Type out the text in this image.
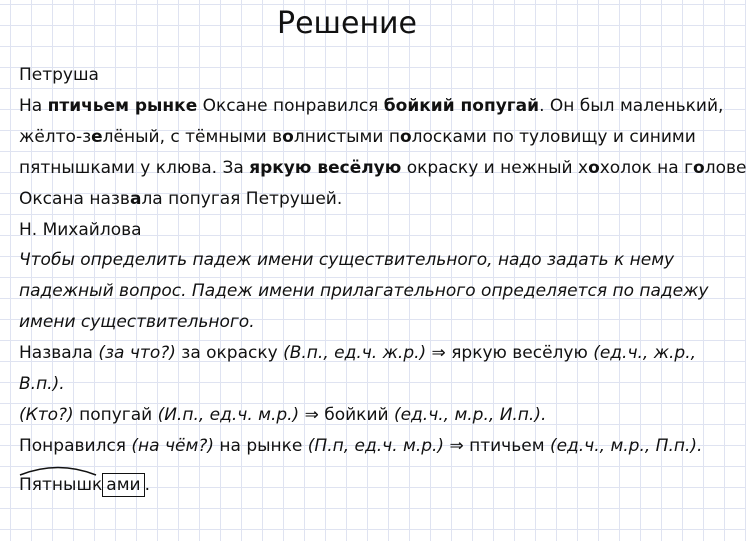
Решение
Петруша
На птичьем рынке Оксане понравился бойкий попугай. Он был маленький,
жёлто-зелёный, с тёмными волнистыми полосками по туловищу и синими
пятнышками у клюва. За яркую весёлую окраску и нежный хохолок на голове
Оксана назвала попугая Петрушей.
Н. Михайлова
Чтобы определить падеж имени существительного, надо задать к нему
падежный вопрос. Падеж имени прилагательного определяется по падежу
имени существительного.
Назвала (за что?) за окраску (В.п., ед.ч. ж.р.) ⇒ яркую весёлую (ед.ч., ж.р.,
В.п.).
(Кто?) попугай (И.п., ед.ч. м.р.) ⇒ бойкий (ед.ч., м.р., И.п.).
Понравился (на чём?) на рынке (П.п, ед.ч. м.р.) ⇒ птичьем (ед.ч., м.р., П.п.).
Пятнышк ами .
